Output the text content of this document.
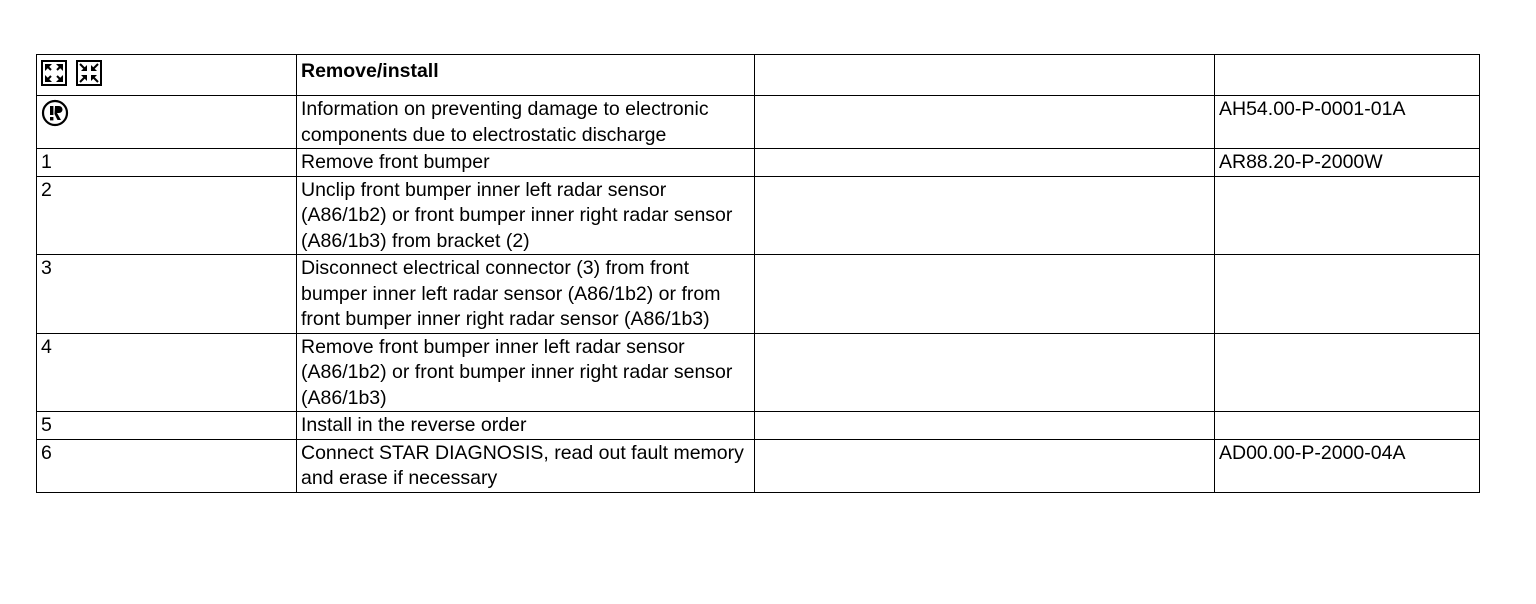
	Remove/install		

	Information on preventing damage to electronic components due to electrostatic discharge		AH54.00-P-0001-01A
1	Remove front bumper		AR88.20-P-2000W
2	Unclip front bumper inner left radar sensor (A86/1b2) or front bumper inner right radar sensor (A86/1b3) from bracket (2)		
3	Disconnect electrical connector (3) from front bumper inner left radar sensor (A86/1b2) or from front bumper inner right radar sensor (A86/1b3)		
4	Remove front bumper inner left radar sensor (A86/1b2) or front bumper inner right radar sensor (A86/1b3)		
5	Install in the reverse order		
6	Connect STAR DIAGNOSIS, read out fault memory and erase if necessary		AD00.00-P-2000-04A
